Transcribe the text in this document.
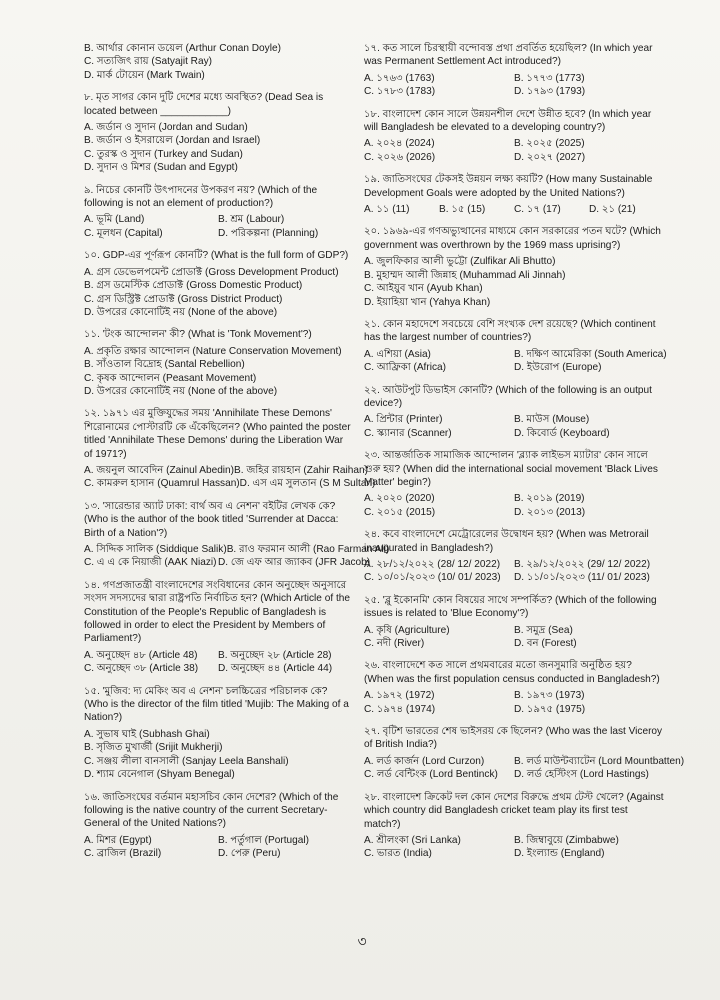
B. আর্থার কোনান ডয়েল (Arthur Conan Doyle)
C. সত্যজিৎ রায় (Satyajit Ray)
D. মার্ক টোয়েন (Mark Twain)
৮. মৃত সাগর কোন দুটি দেশের মধ্যে অবস্থিত? (Dead Sea is located between ____________)
A. জর্ডান ও সুদান (Jordan and Sudan)
B. জর্ডান ও ইসরায়েল (Jordan and Israel)
C. তুরস্ক ও সুদান (Turkey and Sudan)
D. সুদান ও মিশর (Sudan and Egypt)
৯. নিচের কোনটি উৎপাদনের উপকরণ নয়? (Which of the following is not an element of production?)
A. ভূমি (Land)	B. শ্রম (Labour)
C. মূলধন (Capital)	D. পরিকল্পনা (Planning)
১০. GDP-এর পূর্ণরূপ কোনটি? (What is the full form of GDP?)
A. গ্রস ডেভেলপমেন্ট প্রোডাক্ট (Gross Development Product)
B. গ্রস ডমেস্টিক প্রোডাক্ট (Gross Domestic Product)
C. গ্রস ডিস্ট্রিক্ট প্রোডাক্ট (Gross District Product)
D. উপরের কোনোটিই নয় (None of the above)
১১. 'টংক আন্দোলন' কী? (What is 'Tonk Movement'?)
A. প্রকৃতি রক্ষার আন্দোলন (Nature Conservation Movement)
B. সাঁওতাল বিদ্রোহ (Santal Rebellion)
C. কৃষক আন্দোলন (Peasant Movement)
D. উপরের কোনোটিই নয় (None of the above)
১২. ১৯৭১ এর মুক্তিযুদ্ধের সময় 'Annihilate These Demons' শিরোনামের পোস্টারটি কে এঁকেছিলেন? (Who painted the poster titled 'Annihilate These Demons' during the Liberation War of 1971?)
A. জয়নুল আবেদিন (Zainul Abedin) B. জহির রায়হান (Zahir Raihan)
C. কামরুল হাসান (Quamrul Hassan) D. এস এম সুলতান (S M Sultan)
১৩. 'সারেন্ডার অ্যাট ঢাকা: বার্থ অব এ নেশন' বইটির লেখক কে? (Who is the author of the book titled 'Surrender at Dacca: Birth of a Nation'?)
A. সিদ্দিক সালিক (Siddique Salik) B. রাও ফরমান আলী (Rao Farman Ali)
C. এ এ কে নিয়াজী (AAK Niazi) D. জে এফ আর জ্যাকব (JFR Jacob)
১৪. গণপ্রজাতন্ত্রী বাংলাদেশের সংবিধানের কোন অনুচ্ছেদ অনুসারে সংসদ সদস্যদের দ্বারা রাষ্ট্রপতি নির্বাচিত হন? (Which Article of the Constitution of the People's Republic of Bangladesh is followed in order to elect the President by Members of Parliament?)
A. অনুচ্ছেদ ৪৮ (Article 48)	B. অনুচ্ছেদ ২৮ (Article 28)
C. অনুচ্ছেদ ৩৮ (Article 38)	D. অনুচ্ছেদ ৪৪ (Article 44)
১৫. 'মুজিব: দ্য মেকিং অব এ নেশন' চলচ্চিত্রের পরিচালক কে? (Who is the director of the film titled 'Mujib: The Making of a Nation?)
A. সুভাষ ঘাই (Subhash Ghai)
B. সৃজিত মুখার্জী (Srijit Mukherji)
C. সঞ্জয় লীলা বানসালী (Sanjay Leela Banshali)
D. শ্যাম বেনেগাল (Shyam Benegal)
১৬. জাতিসংঘের বর্তমান মহাসচিব কোন দেশের? (Which of the following is the native country of the current Secretary-General of the United Nations?)
A. মিশর (Egypt)	B. পর্তুগাল (Portugal)
C. ব্রাজিল (Brazil)	D. পেরু (Peru)
১৭. কত সালে চিরস্থায়ী বন্দোবস্ত প্রথা প্রবর্তিত হয়েছিল? (In which year was Permanent Settlement Act introduced?)
A. ১৭৬৩ (1763)	B. ১৭৭৩ (1773)
C. ১৭৮৩ (1783)	D. ১৭৯৩ (1793)
১৮. বাংলাদেশ কোন সালে উন্নয়নশীল দেশে উন্নীত হবে? (In which year will Bangladesh be elevated to a developing country?)
A. ২০২৪ (2024)	B. ২০২৫ (2025)
C. ২০২৬ (2026)	D. ২০২৭ (2027)
১৯. জাতিসংঘের টেকসই উন্নয়ন লক্ষ্য কয়টি? (How many Sustainable Development Goals were adopted by the United Nations?)
A. ১১ (11)	B. ১৫ (15)	C. ১৭ (17)	D. ২১ (21)
২০. ১৯৬৯-এর গণঅভ্যুত্থানের মাধ্যমে কোন সরকারের পতন ঘটে? (Which government was overthrown by the 1969 mass uprising?)
A. জুলফিকার আলী ভুট্টো (Zulfikar Ali Bhutto)
B. মুহাম্মদ আলী জিন্নাহ (Muhammad Ali Jinnah)
C. আইয়ুব খান (Ayub Khan)
D. ইয়াহিয়া খান (Yahya Khan)
২১. কোন মহাদেশে সবচেয়ে বেশি সংখ্যক দেশ রয়েছে? (Which continent has the largest number of countries?)
A. এশিয়া (Asia)	B. দক্ষিণ আমেরিকা (South America)
C. আফ্রিকা (Africa)	D. ইউরোপ (Europe)
২২. আউটপুট ডিভাইস কোনটি? (Which of the following is an output device?)
A. প্রিন্টার (Printer)	B. মাউস (Mouse)
C. স্ক্যানার (Scanner)	D. কিবোর্ড (Keyboard)
২৩. আন্তর্জাতিক সামাজিক আন্দোলন 'ব্ল্যাক লাইভস ম্যাটার' কোন সালে শুরু হয়? (When did the international social movement 'Black Lives Matter' begin?)
A. ২০২০ (2020)	B. ২০১৯ (2019)
C. ২০১৫ (2015)	D. ২০১৩ (2013)
২৪. কবে বাংলাদেশে মেট্রোরেলের উদ্বোধন হয়? (When was Metrorail inaugurated in Bangladesh?)
A. ২৮/১২/২০২২ (28/ 12/ 2022)	B. ২৯/১২/২০২২ (29/ 12/ 2022)
C. ১০/০১/২০২৩ (10/ 01/ 2023)	D. ১১/০১/২০২৩ (11/ 01/ 2023)
২৫. 'ব্লু ইকোনমি' কোন বিষয়ের সাথে সম্পর্কিত? (Which of the following issues is related to 'Blue Economy'?)
A. কৃষি (Agriculture)	B. সমুদ্র (Sea)
C. নদী (River)	D. বন (Forest)
২৬. বাংলাদেশে কত সালে প্রথমবারের মতো জনসুমারি অনুষ্ঠিত হয়? (When was the first population census conducted in Bangladesh?)
A. ১৯৭২ (1972)	B. ১৯৭৩ (1973)
C. ১৯৭৪ (1974)	D. ১৯৭৫ (1975)
২৭. বৃটিশ ভারতের শেষ ভাইসরয় কে ছিলেন? (Who was the last Viceroy of British India?)
A. লর্ড কার্জন (Lord Curzon)	B. লর্ড মাউন্টব্যাটেন (Lord Mountbatten)
C. লর্ড বেন্টিংক (Lord Bentinck)	D. লর্ড হেস্টিংস (Lord Hastings)
২৮. বাংলাদেশ ক্রিকেট দল কোন দেশের বিরুদ্ধে প্রথম টেস্ট খেলে? (Against which country did Bangladesh cricket team play its first test match?)
A. শ্রীলংকা (Sri Lanka)	B. জিম্বাবুয়ে (Zimbabwe)
C. ভারত (India)	D. ইংল্যান্ড (England)
৩
